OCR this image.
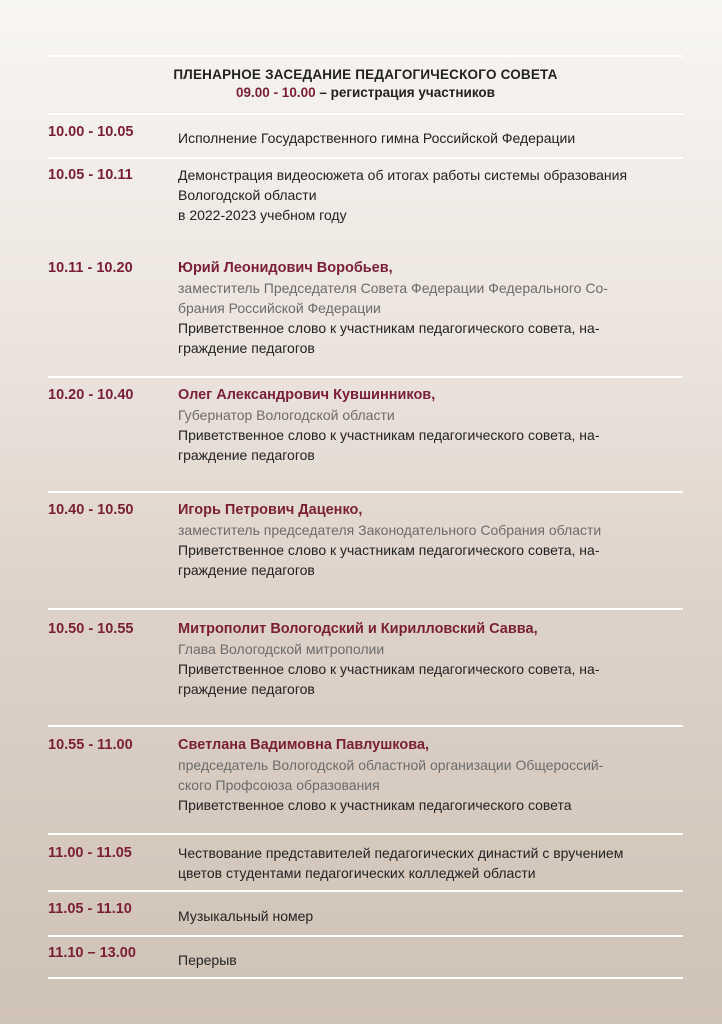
ПЛЕНАРНОЕ ЗАСЕДАНИЕ ПЕДАГОГИЧЕСКОГО СОВЕТА
09.00 - 10.00 – регистрация участников
10.00 - 10.05	Исполнение Государственного гимна Российской Федерации
10.05 - 10.11	Демонстрация видеосюжета об итогах работы системы образования
Вологодской области
в 2022-2023 учебном году
10.11 - 10.20	Юрий Леонидович Воробьев,
заместитель Председателя Совета Федерации Федерального Со-
брания Российской Федерации
Приветственное слово к участникам педагогического совета, на-
граждение педагогов
10.20 - 10.40	Олег Александрович Кувшинников,
Губернатор Вологодской области
Приветственное слово к участникам педагогического совета, на-
граждение педагогов
10.40 - 10.50	Игорь Петрович Даценко,
заместитель председателя Законодательного Собрания области
Приветственное слово к участникам педагогического совета, на-
граждение педагогов
10.50 - 10.55	Митрополит Вологодский и Кирилловский Савва,
Глава Вологодской митрополии
Приветственное слово к участникам педагогического совета, на-
граждение педагогов
10.55 - 11.00	Светлана Вадимовна Павлушкова,
председатель Вологодской областной организации Общероссий-
ского Профсоюза образования
Приветственное слово к участникам педагогического совета
11.00 - 11.05	Чествование представителей педагогических династий с вручением
цветов студентами педагогических колледжей области
11.05 - 11.10	Музыкальный номер
11.10 – 13.00	Перерыв
